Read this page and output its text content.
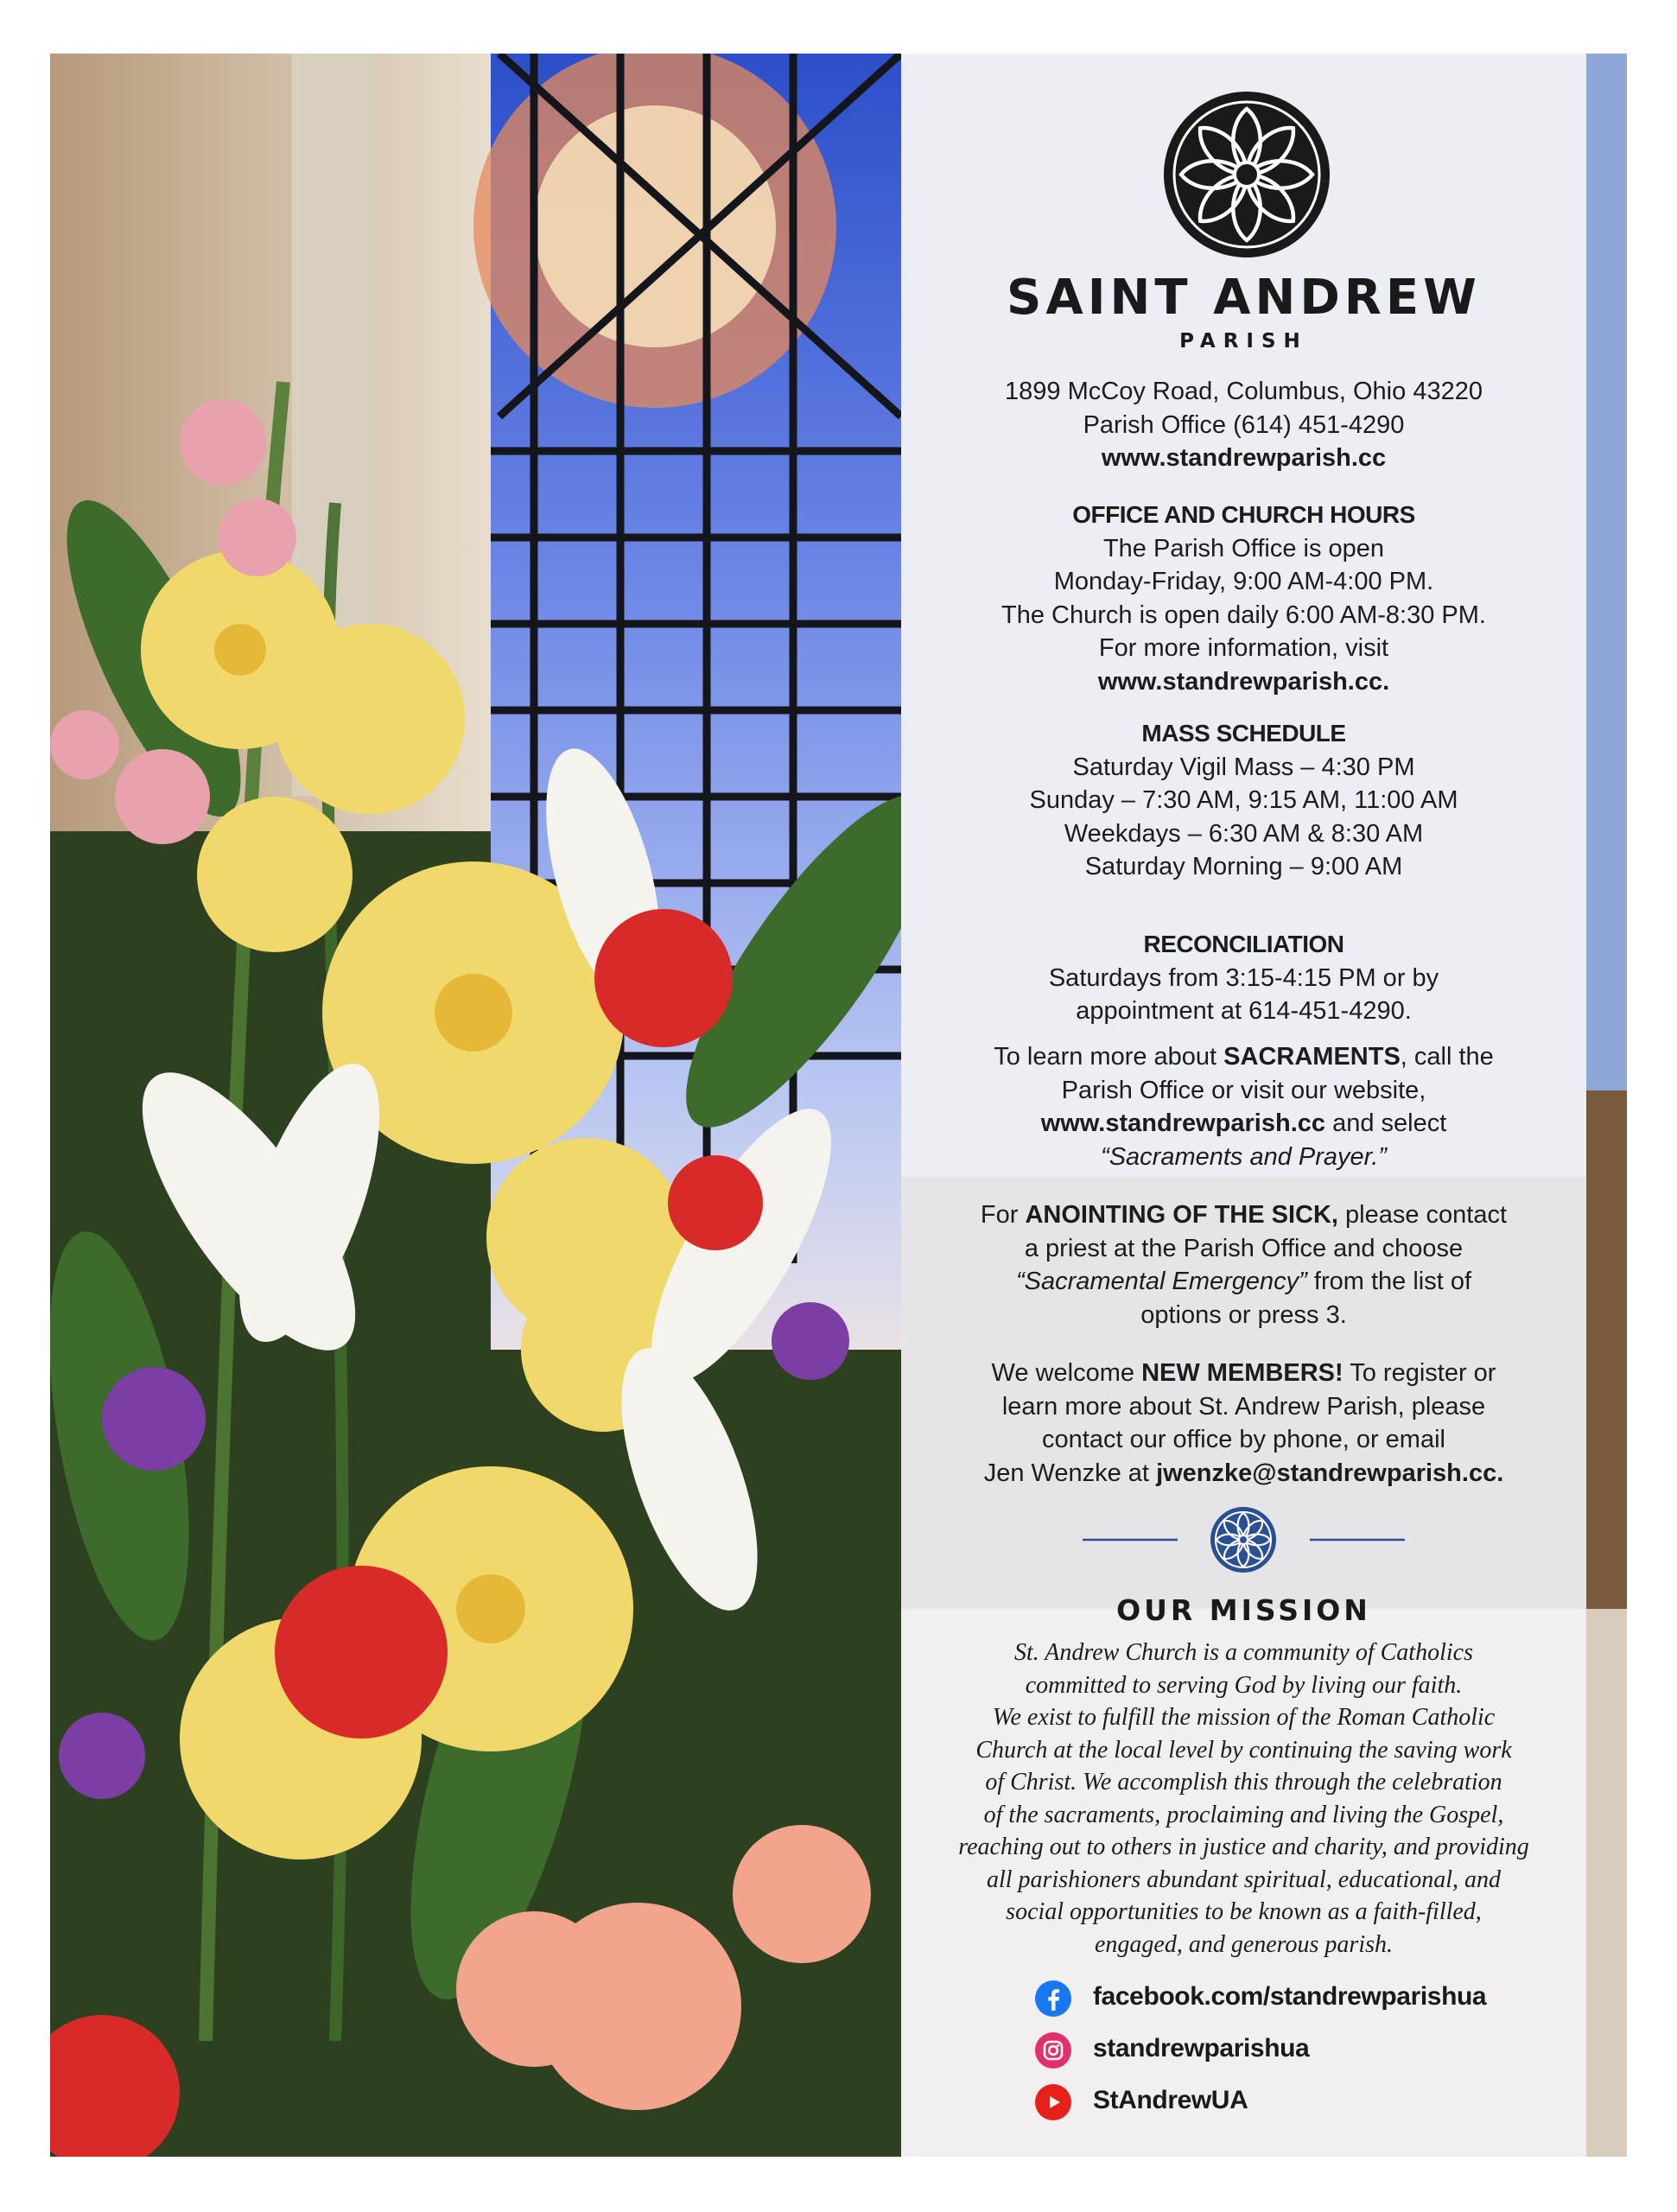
SAINT ANDREW
PARISH
1899 McCoy Road, Columbus, Ohio 43220
Parish Office (614) 451-4290
www.standrewparish.cc
OFFICE AND CHURCH HOURS
The Parish Office is open
Monday-Friday, 9:00 AM-4:00 PM.
The Church is open daily 6:00 AM-8:30 PM.
For more information, visit
www.standrewparish.cc.
MASS SCHEDULE
Saturday Vigil Mass – 4:30 PM
Sunday – 7:30 AM, 9:15 AM, 11:00 AM
Weekdays – 6:30 AM & 8:30 AM
Saturday Morning – 9:00 AM
RECONCILIATION
Saturdays from 3:15-4:15 PM or by
appointment at 614-451-4290.
To learn more about SACRAMENTS, call the
Parish Office or visit our website,
www.standrewparish.cc and select
“Sacraments and Prayer.”
For ANOINTING OF THE SICK, please contact
a priest at the Parish Office and choose
“Sacramental Emergency” from the list of
options or press 3.
We welcome NEW MEMBERS! To register or
learn more about St. Andrew Parish, please
contact our office by phone, or email
Jen Wenzke at jwenzke@standrewparish.cc.
OUR MISSION
St. Andrew Church is a community of Catholics
committed to serving God by living our faith.
We exist to fulfill the mission of the Roman Catholic
Church at the local level by continuing the saving work
of Christ. We accomplish this through the celebration
of the sacraments, proclaiming and living the Gospel,
reaching out to others in justice and charity, and providing
all parishioners abundant spiritual, educational, and
social opportunities to be known as a faith-filled,
engaged, and generous parish.
facebook.com/standrewparishua
standrewparishua
StAndrewUA
